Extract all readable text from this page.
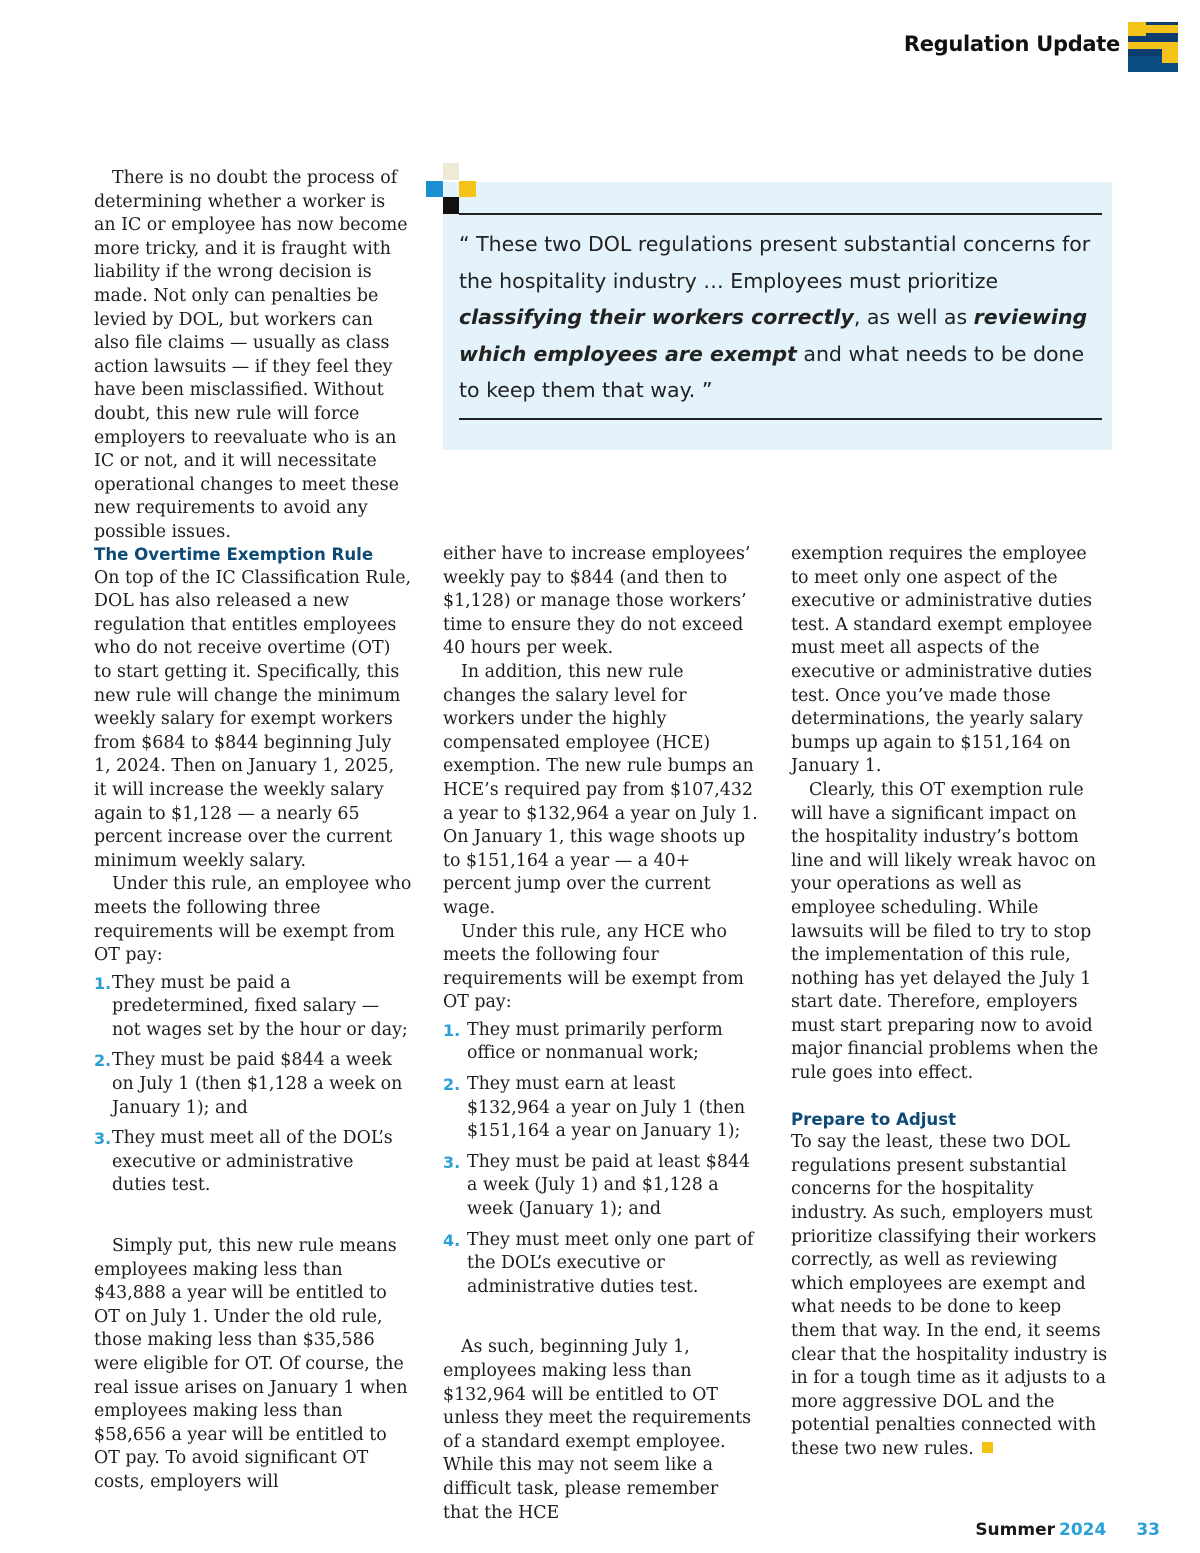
Regulation Update

There is no doubt the process of determining whether a worker is an IC or employee has now become more tricky, and it is fraught with liability if the wrong decision is made. Not only can penalties be levied by DOL, but workers can also file claims — usually as class action lawsuits — if they feel they have been misclassified. Without doubt, this new rule will force employers to reevaluate who is an IC or not, and it will necessitate operational changes to meet these new requirements to avoid any possible issues.

“ These two DOL regulations present substantial concerns for the hospitality industry … Employees must prioritize classifying their workers correctly, as well as reviewing which employees are exempt and what needs to be done to keep them that way. ”

The Overtime Exemption Rule

On top of the IC Classification Rule, DOL has also released a new regulation that entitles employees who do not receive overtime (OT) to start getting it. Specifically, this new rule will change the minimum weekly salary for exempt workers from $684 to $844 beginning July 1, 2024. Then on January 1, 2025, it will increase the weekly salary again to $1,128 — a nearly 65 percent increase over the current minimum weekly salary.

Under this rule, an employee who meets the following three requirements will be exempt from OT pay:

1. They must be paid a predetermined, fixed salary — not wages set by the hour or day;
2. They must be paid $844 a week on July 1 (then $1,128 a week on January 1); and
3. They must meet all of the DOL’s executive or administrative duties test.

Simply put, this new rule means employees making less than $43,888 a year will be entitled to OT on July 1. Under the old rule, those making less than $35,586 were eligible for OT. Of course, the real issue arises on January 1 when employees making less than $58,656 a year will be entitled to OT pay. To avoid significant OT costs, employers will

either have to increase employees’ weekly pay to $844 (and then to $1,128) or manage those workers’ time to ensure they do not exceed 40 hours per week.

In addition, this new rule changes the salary level for workers under the highly compensated employee (HCE) exemption. The new rule bumps an HCE’s required pay from $107,432 a year to $132,964 a year on July 1. On January 1, this wage shoots up to $151,164 a year — a 40+ percent jump over the current wage.

Under this rule, any HCE who meets the following four requirements will be exempt from OT pay:

1. They must primarily perform office or nonmanual work;
2. They must earn at least $132,964 a year on July 1 (then $151,164 a year on January 1);
3. They must be paid at least $844 a week (July 1) and $1,128 a week (January 1); and
4. They must meet only one part of the DOL’s executive or administrative duties test.

As such, beginning July 1, employees making less than $132,964 will be entitled to OT unless they meet the requirements of a standard exempt employee. While this may not seem like a difficult task, please remember that the HCE

exemption requires the employee to meet only one aspect of the executive or administrative duties test. A standard exempt employee must meet all aspects of the executive or administrative duties test. Once you’ve made those determinations, the yearly salary bumps up again to $151,164 on January 1.

Clearly, this OT exemption rule will have a significant impact on the hospitality industry’s bottom line and will likely wreak havoc on your operations as well as employee scheduling. While lawsuits will be filed to try to stop the implementation of this rule, nothing has yet delayed the July 1 start date. Therefore, employers must start preparing now to avoid major financial problems when the rule goes into effect.

Prepare to Adjust

To say the least, these two DOL regulations present substantial concerns for the hospitality industry. As such, employers must prioritize classifying their workers correctly, as well as reviewing which employees are exempt and what needs to be done to keep them that way. In the end, it seems clear that the hospitality industry is in for a tough time as it adjusts to a more aggressive DOL and the potential penalties connected with these two new rules.

Summer 2024 33
